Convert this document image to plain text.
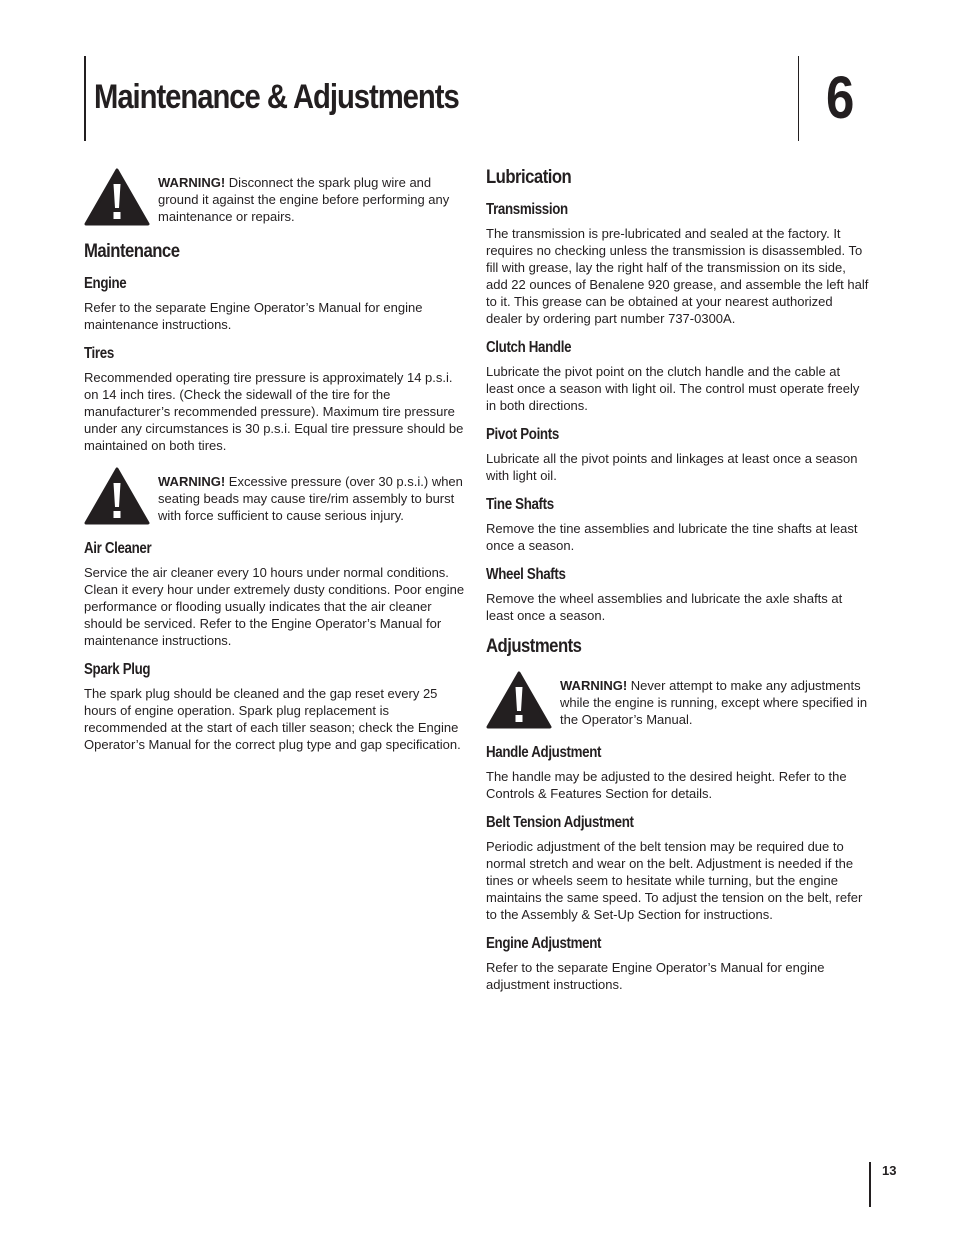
Maintenance & Adjustments	6
WARNING! Disconnect the spark plug wire and ground it against the engine before performing any maintenance or repairs.
Maintenance
Engine

Refer to the separate Engine Operator’s Manual for engine maintenance instructions.

Tires

Recommended operating tire pressure is approximately 14 p.s.i. on 14 inch tires. (Check the sidewall of the tire for the manufacturer’s recommended pressure). Maximum tire pressure under any circumstances is 30 p.s.i. Equal tire pressure should be maintained on both tires.

WARNING! Excessive pressure (over 30 p.s.i.) when seating beads may cause tire/rim assembly to burst with force sufficient to cause serious injury.
Air Cleaner

Service the air cleaner every 10 hours under normal conditions. Clean it every hour under extremely dusty conditions. Poor engine performance or flooding usually indicates that the air cleaner should be serviced. Refer to the Engine Operator’s Manual for maintenance instructions.

Spark Plug

The spark plug should be cleaned and the gap reset every 25 hours of engine operation. Spark plug replacement is recommended at the start of each tiller season; check the Engine Operator’s Manual for the correct plug type and gap specification.

Lubrication
Transmission

The transmission is pre-lubricated and sealed at the factory. It requires no checking unless the transmission is disassembled. To fill with grease, lay the right half of the transmission on its side, add 22 ounces of Benalene 920 grease, and assemble the left half to it. This grease can be obtained at your nearest authorized dealer by ordering part number 737-0300A.

Clutch Handle

Lubricate the pivot point on the clutch handle and the cable at least once a season with light oil. The control must operate freely in both directions.

Pivot Points

Lubricate all the pivot points and linkages at least once a season with light oil.

Tine Shafts

Remove the tine assemblies and lubricate the tine shafts at least once a season.

Wheel Shafts

Remove the wheel assemblies and lubricate the axle shafts at least once a season.

Adjustments
WARNING! Never attempt to make any adjustments while the engine is running, except where specified in the Operator’s Manual.
Handle Adjustment

The handle may be adjusted to the desired height. Refer to the Controls & Features Section for details.

Belt Tension Adjustment

Periodic adjustment of the belt tension may be required due to normal stretch and wear on the belt. Adjustment is needed if the tines or wheels seem to hesitate while turning, but the engine maintains the same speed. To adjust the tension on the belt, refer to the Assembly & Set-Up Section for instructions.

Engine Adjustment

Refer to the separate Engine Operator’s Manual for engine adjustment instructions.

13
